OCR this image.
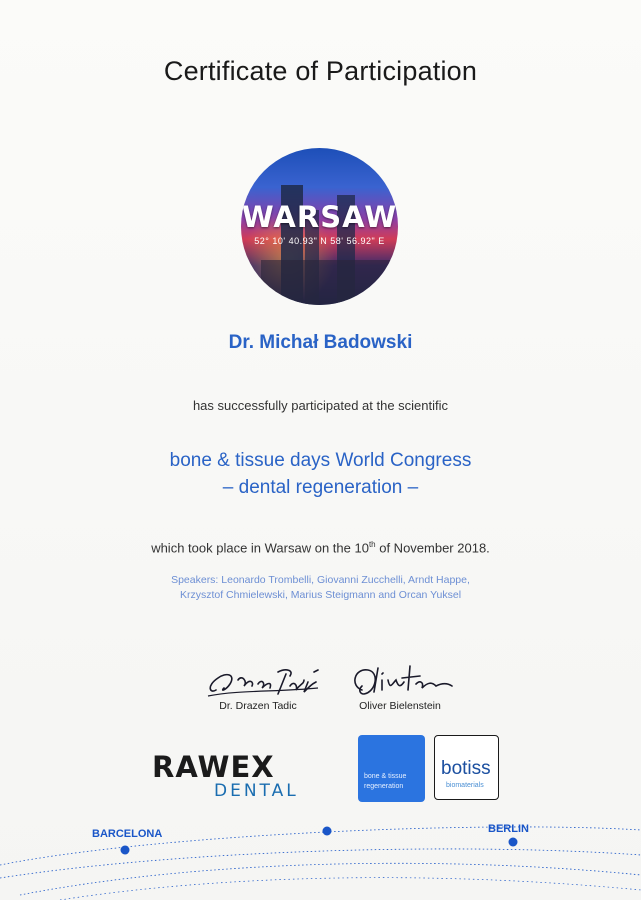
Certificate of Participation
WARSAW
52° 10' 40.93" N 58' 56.92" E
Dr. Michał Badowski
has successfully participated at the scientific
bone & tissue days World Congress
– dental regeneration –
which took place in Warsaw on the 10th of November 2018.
Speakers: Leonardo Trombelli, Giovanni Zucchelli, Arndt Happe,
Krzysztof Chmielewski, Marius Steigmann and Orcan Yuksel
Dr. Drazen Tadic	Oliver Bielenstein
RAWEX
DENTAL
bone & tissue
regeneration
botiss
biomaterials
BARCELONA	BERLIN
